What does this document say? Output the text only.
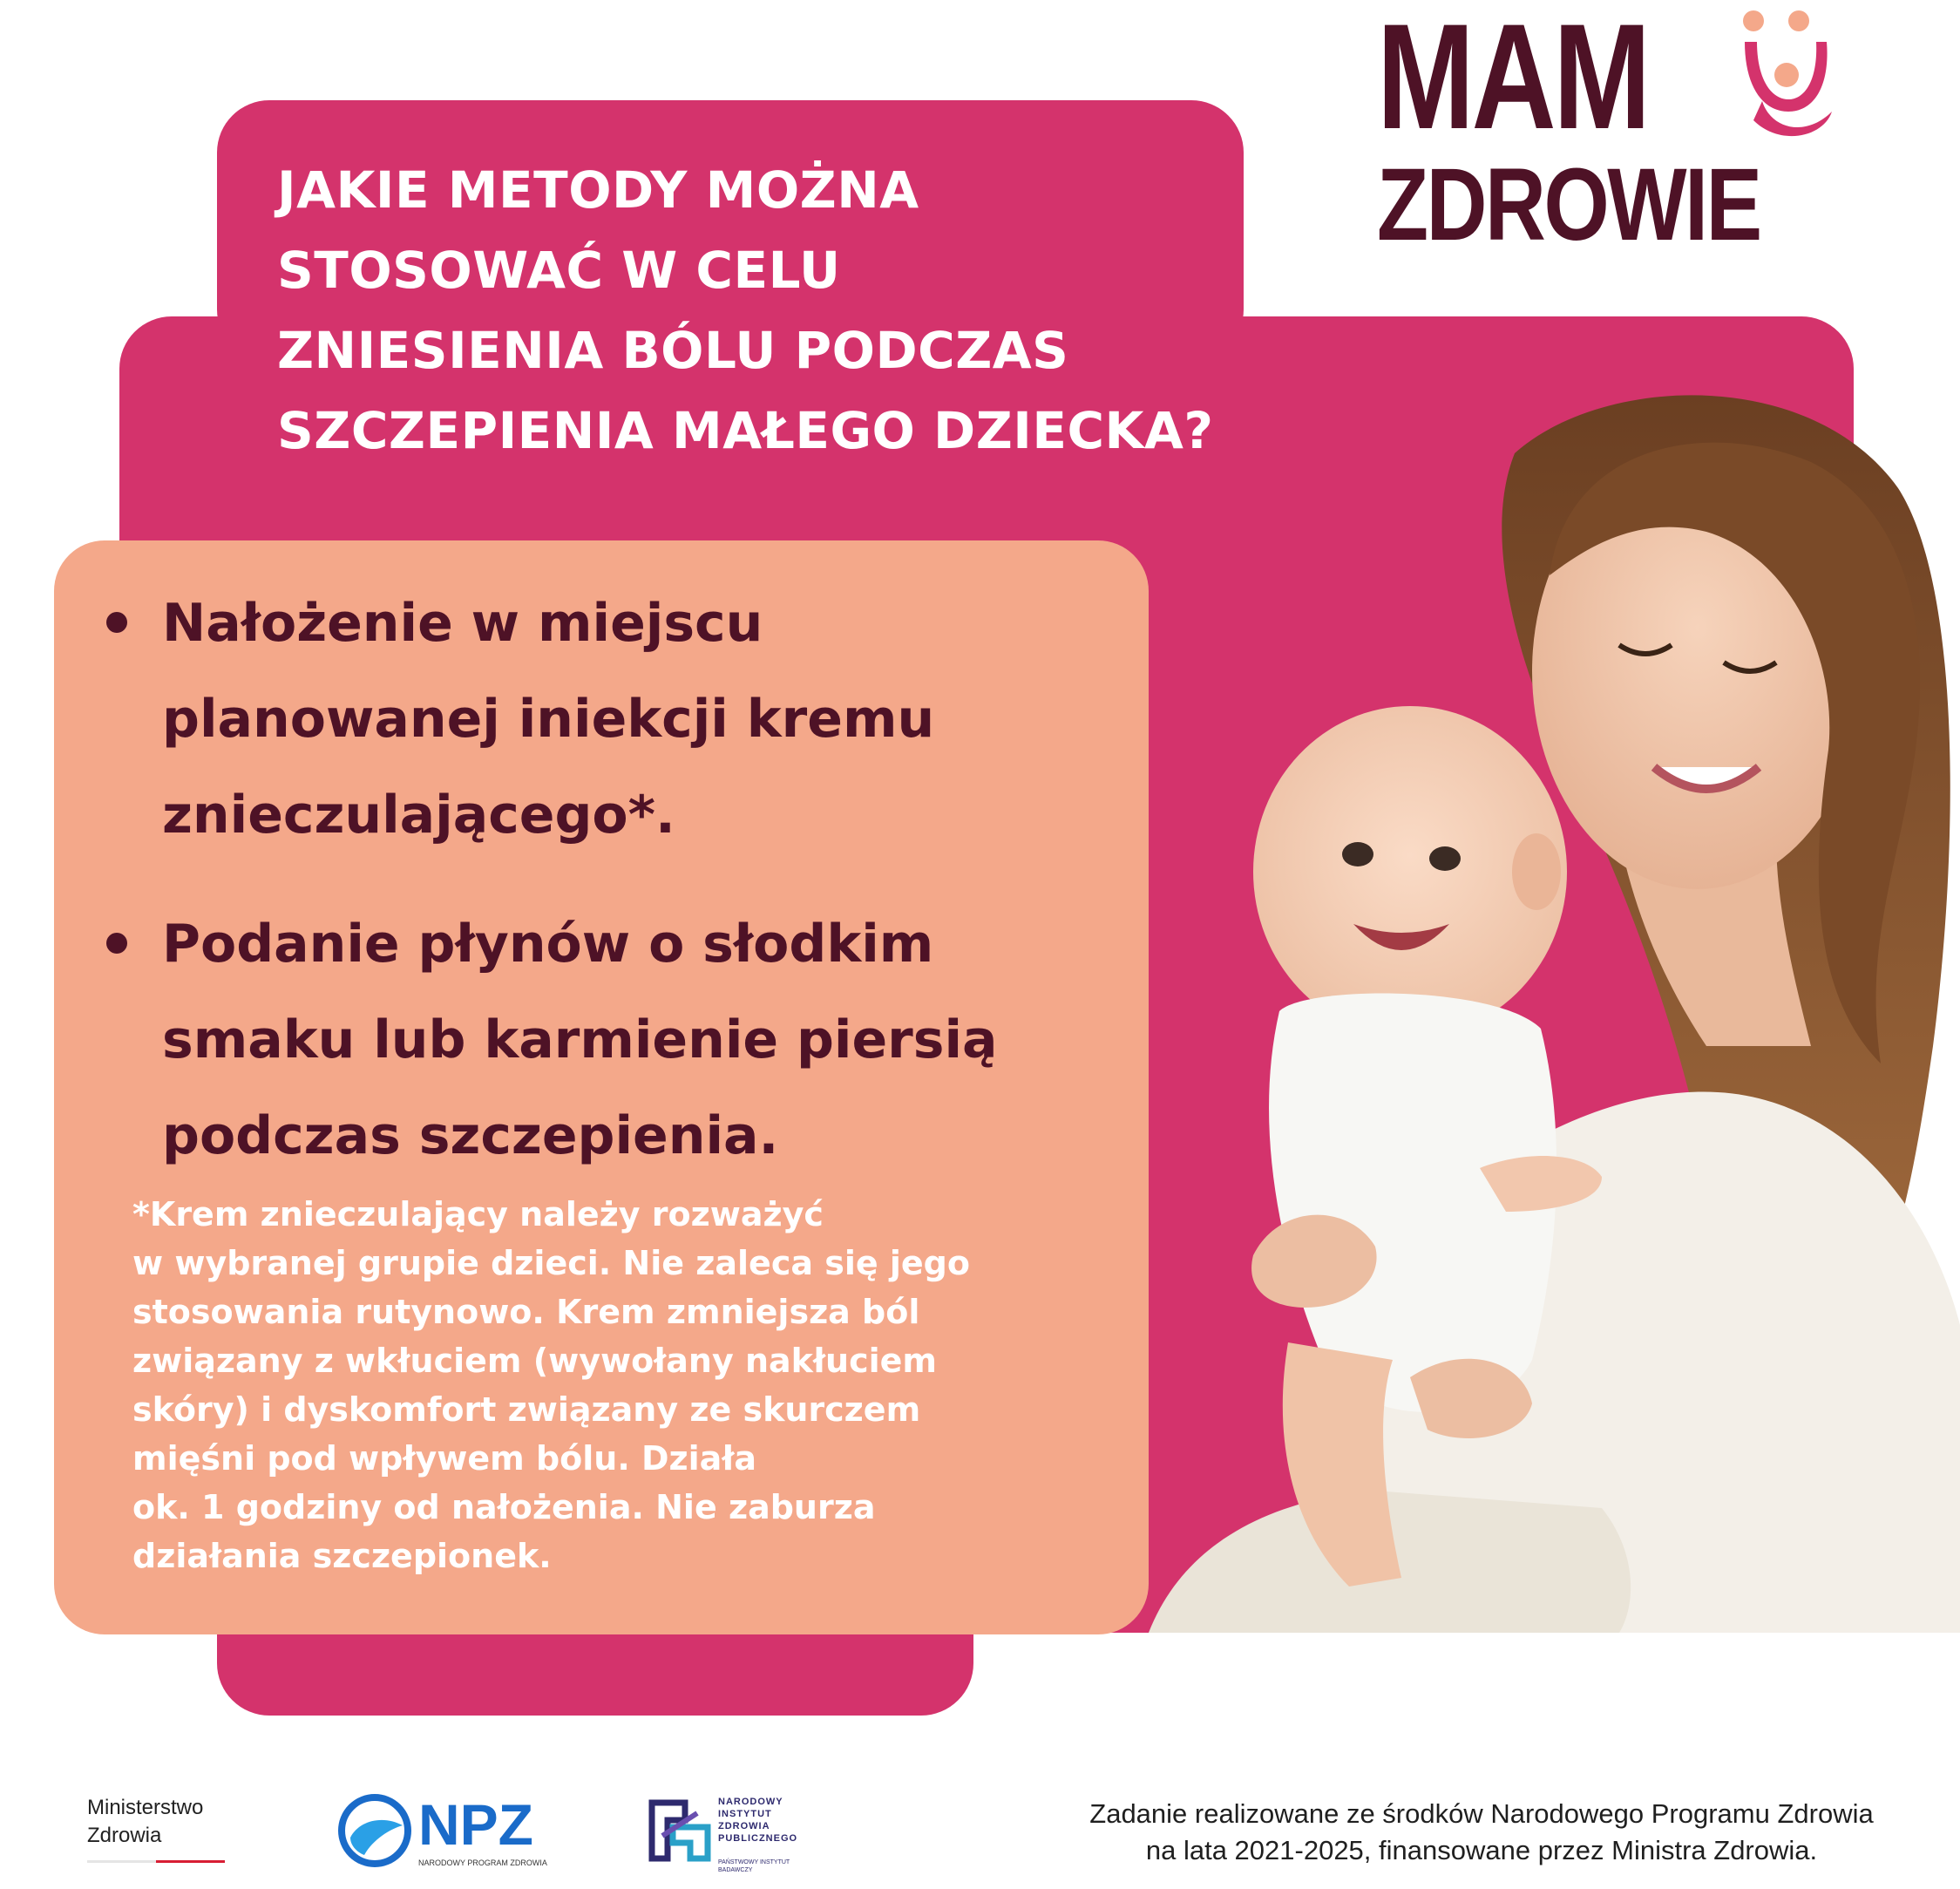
JAKIE METODY MOŻNA
STOSOWAĆ W CELU
ZNIESIENIA BÓLU PODCZAS
SZCZEPIENIA MAŁEGO DZIECKA?
Nałożenie w miejscu
planowanej iniekcji kremu
znieczulającego*.
Podanie płynów o słodkim
smaku lub karmienie piersią
podczas szczepienia.

*Krem znieczulający należy rozważyć
w wybranej grupie dzieci. Nie zaleca się jego
stosowania rutynowo. Krem zmniejsza ból
związany z wkłuciem (wywołany nakłuciem
skóry) i dyskomfort związany ze skurczem
mięśni pod wpływem bólu. Działa
ok. 1 godziny od nałożenia. Nie zaburza
działania szczepionek.

MAM
ZDROWIE
Ministerstwo
Zdrowia	NPZ
NARODOWY PROGRAM ZDROWIA
NARODOWY
INSTYTUT
ZDROWIA
PUBLICZNEGO
PAŃSTWOWY INSTYTUT BADAWCZY

Zadanie realizowane ze środków Narodowego Programu Zdrowia
na lata 2021-2025, finansowane przez Ministra Zdrowia.
